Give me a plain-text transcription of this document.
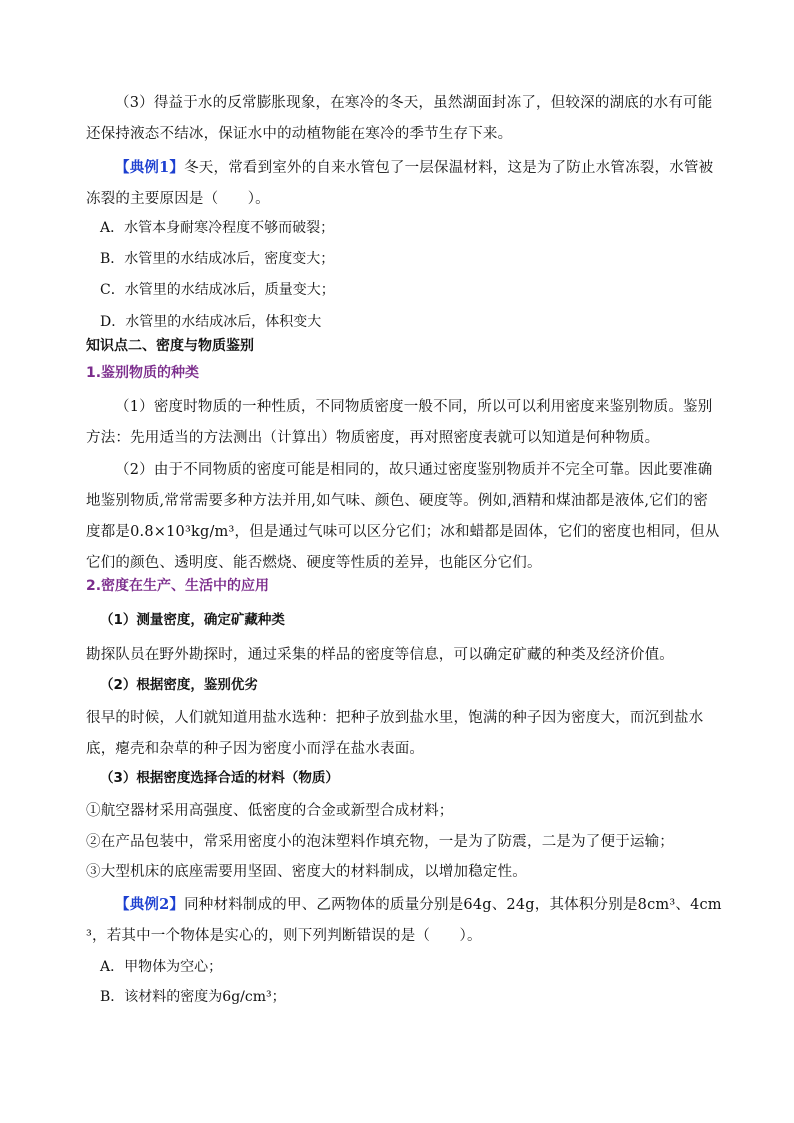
（3）得益于水的反常膨胀现象，在寒冷的冬天，虽然湖面封冻了，但较深的湖底的水有可能还保持液态不结冰，保证水中的动植物能在寒冷的季节生存下来。
【典例1】冬天，常看到室外的自来水管包了一层保温材料，这是为了防止水管冻裂，水管被冻裂的主要原因是（　　）。
A．水管本身耐寒冷程度不够而破裂；
B．水管里的水结成冰后，密度变大；
C．水管里的水结成冰后，质量变大；
D．水管里的水结成冰后，体积变大
知识点二、密度与物质鉴别
1.鉴别物质的种类
（1）密度时物质的一种性质，不同物质密度一般不同，所以可以利用密度来鉴别物质。鉴别方法：先用适当的方法测出（计算出）物质密度，再对照密度表就可以知道是何种物质。
（2）由于不同物质的密度可能是相同的，故只通过密度鉴别物质并不完全可靠。因此要准确地鉴别物质,常常需要多种方法并用,如气味、颜色、硬度等。例如,酒精和煤油都是液体,它们的密度都是0.8×10³kg/m³，但是通过气味可以区分它们；冰和蜡都是固体，它们的密度也相同，但从它们的颜色、透明度、能否燃烧、硬度等性质的差异，也能区分它们。
2.密度在生产、生活中的应用
（1）测量密度，确定矿藏种类
勘探队员在野外勘探时，通过采集的样品的密度等信息，可以确定矿藏的种类及经济价值。
（2）根据密度，鉴别优劣
很早的时候，人们就知道用盐水选种：把种子放到盐水里，饱满的种子因为密度大，而沉到盐水底，瘪壳和杂草的种子因为密度小而浮在盐水表面。
（3）根据密度选择合适的材料（物质）
①航空器材采用高强度、低密度的合金或新型合成材料；
②在产品包装中，常采用密度小的泡沫塑料作填充物，一是为了防震，二是为了便于运输；
③大型机床的底座需要用坚固、密度大的材料制成，以增加稳定性。
【典例2】同种材料制成的甲、乙两物体的质量分别是64g、24g，其体积分别是8cm³、4cm³，若其中一个物体是实心的，则下列判断错误的是（　　）。
A．甲物体为空心；
B．该材料的密度为6g/cm³；
